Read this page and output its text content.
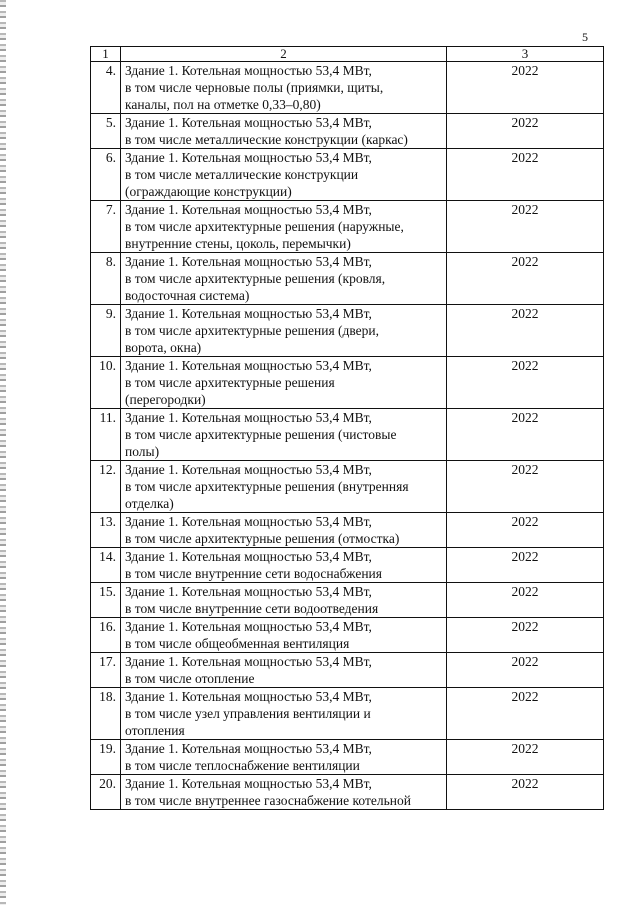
5
1	2	3
4.	Здание 1. Котельная мощностью 53,4 МВт,
в том числе черновые полы (приямки, щиты,
каналы, пол на отметке 0,33–0,80)	2022
5.	Здание 1. Котельная мощностью 53,4 МВт,
в том числе металлические конструкции (каркас)	2022
6.	Здание 1. Котельная мощностью 53,4 МВт,
в том числе металлические конструкции
(ограждающие конструкции)	2022
7.	Здание 1. Котельная мощностью 53,4 МВт,
в том числе архитектурные решения (наружные,
внутренние стены, цоколь, перемычки)	2022
8.	Здание 1. Котельная мощностью 53,4 МВт,
в том числе архитектурные решения (кровля,
водосточная система)	2022
9.	Здание 1. Котельная мощностью 53,4 МВт,
в том числе архитектурные решения (двери,
ворота, окна)	2022
10.	Здание 1. Котельная мощностью 53,4 МВт,
в том числе архитектурные решения
(перегородки)	2022
11.	Здание 1. Котельная мощностью 53,4 МВт,
в том числе архитектурные решения (чистовые
полы)	2022
12.	Здание 1. Котельная мощностью 53,4 МВт,
в том числе архитектурные решения (внутренняя
отделка)	2022
13.	Здание 1. Котельная мощностью 53,4 МВт,
в том числе архитектурные решения (отмостка)	2022
14.	Здание 1. Котельная мощностью 53,4 МВт,
в том числе внутренние сети водоснабжения	2022
15.	Здание 1. Котельная мощностью 53,4 МВт,
в том числе внутренние сети водоотведения	2022
16.	Здание 1. Котельная мощностью 53,4 МВт,
в том числе общеобменная вентиляция	2022
17.	Здание 1. Котельная мощностью 53,4 МВт,
в том числе отопление	2022
18.	Здание 1. Котельная мощностью 53,4 МВт,
в том числе узел управления вентиляции и
отопления	2022
19.	Здание 1. Котельная мощностью 53,4 МВт,
в том числе теплоснабжение вентиляции	2022
20.	Здание 1. Котельная мощностью 53,4 МВт,
в том числе внутреннее газоснабжение котельной	2022
